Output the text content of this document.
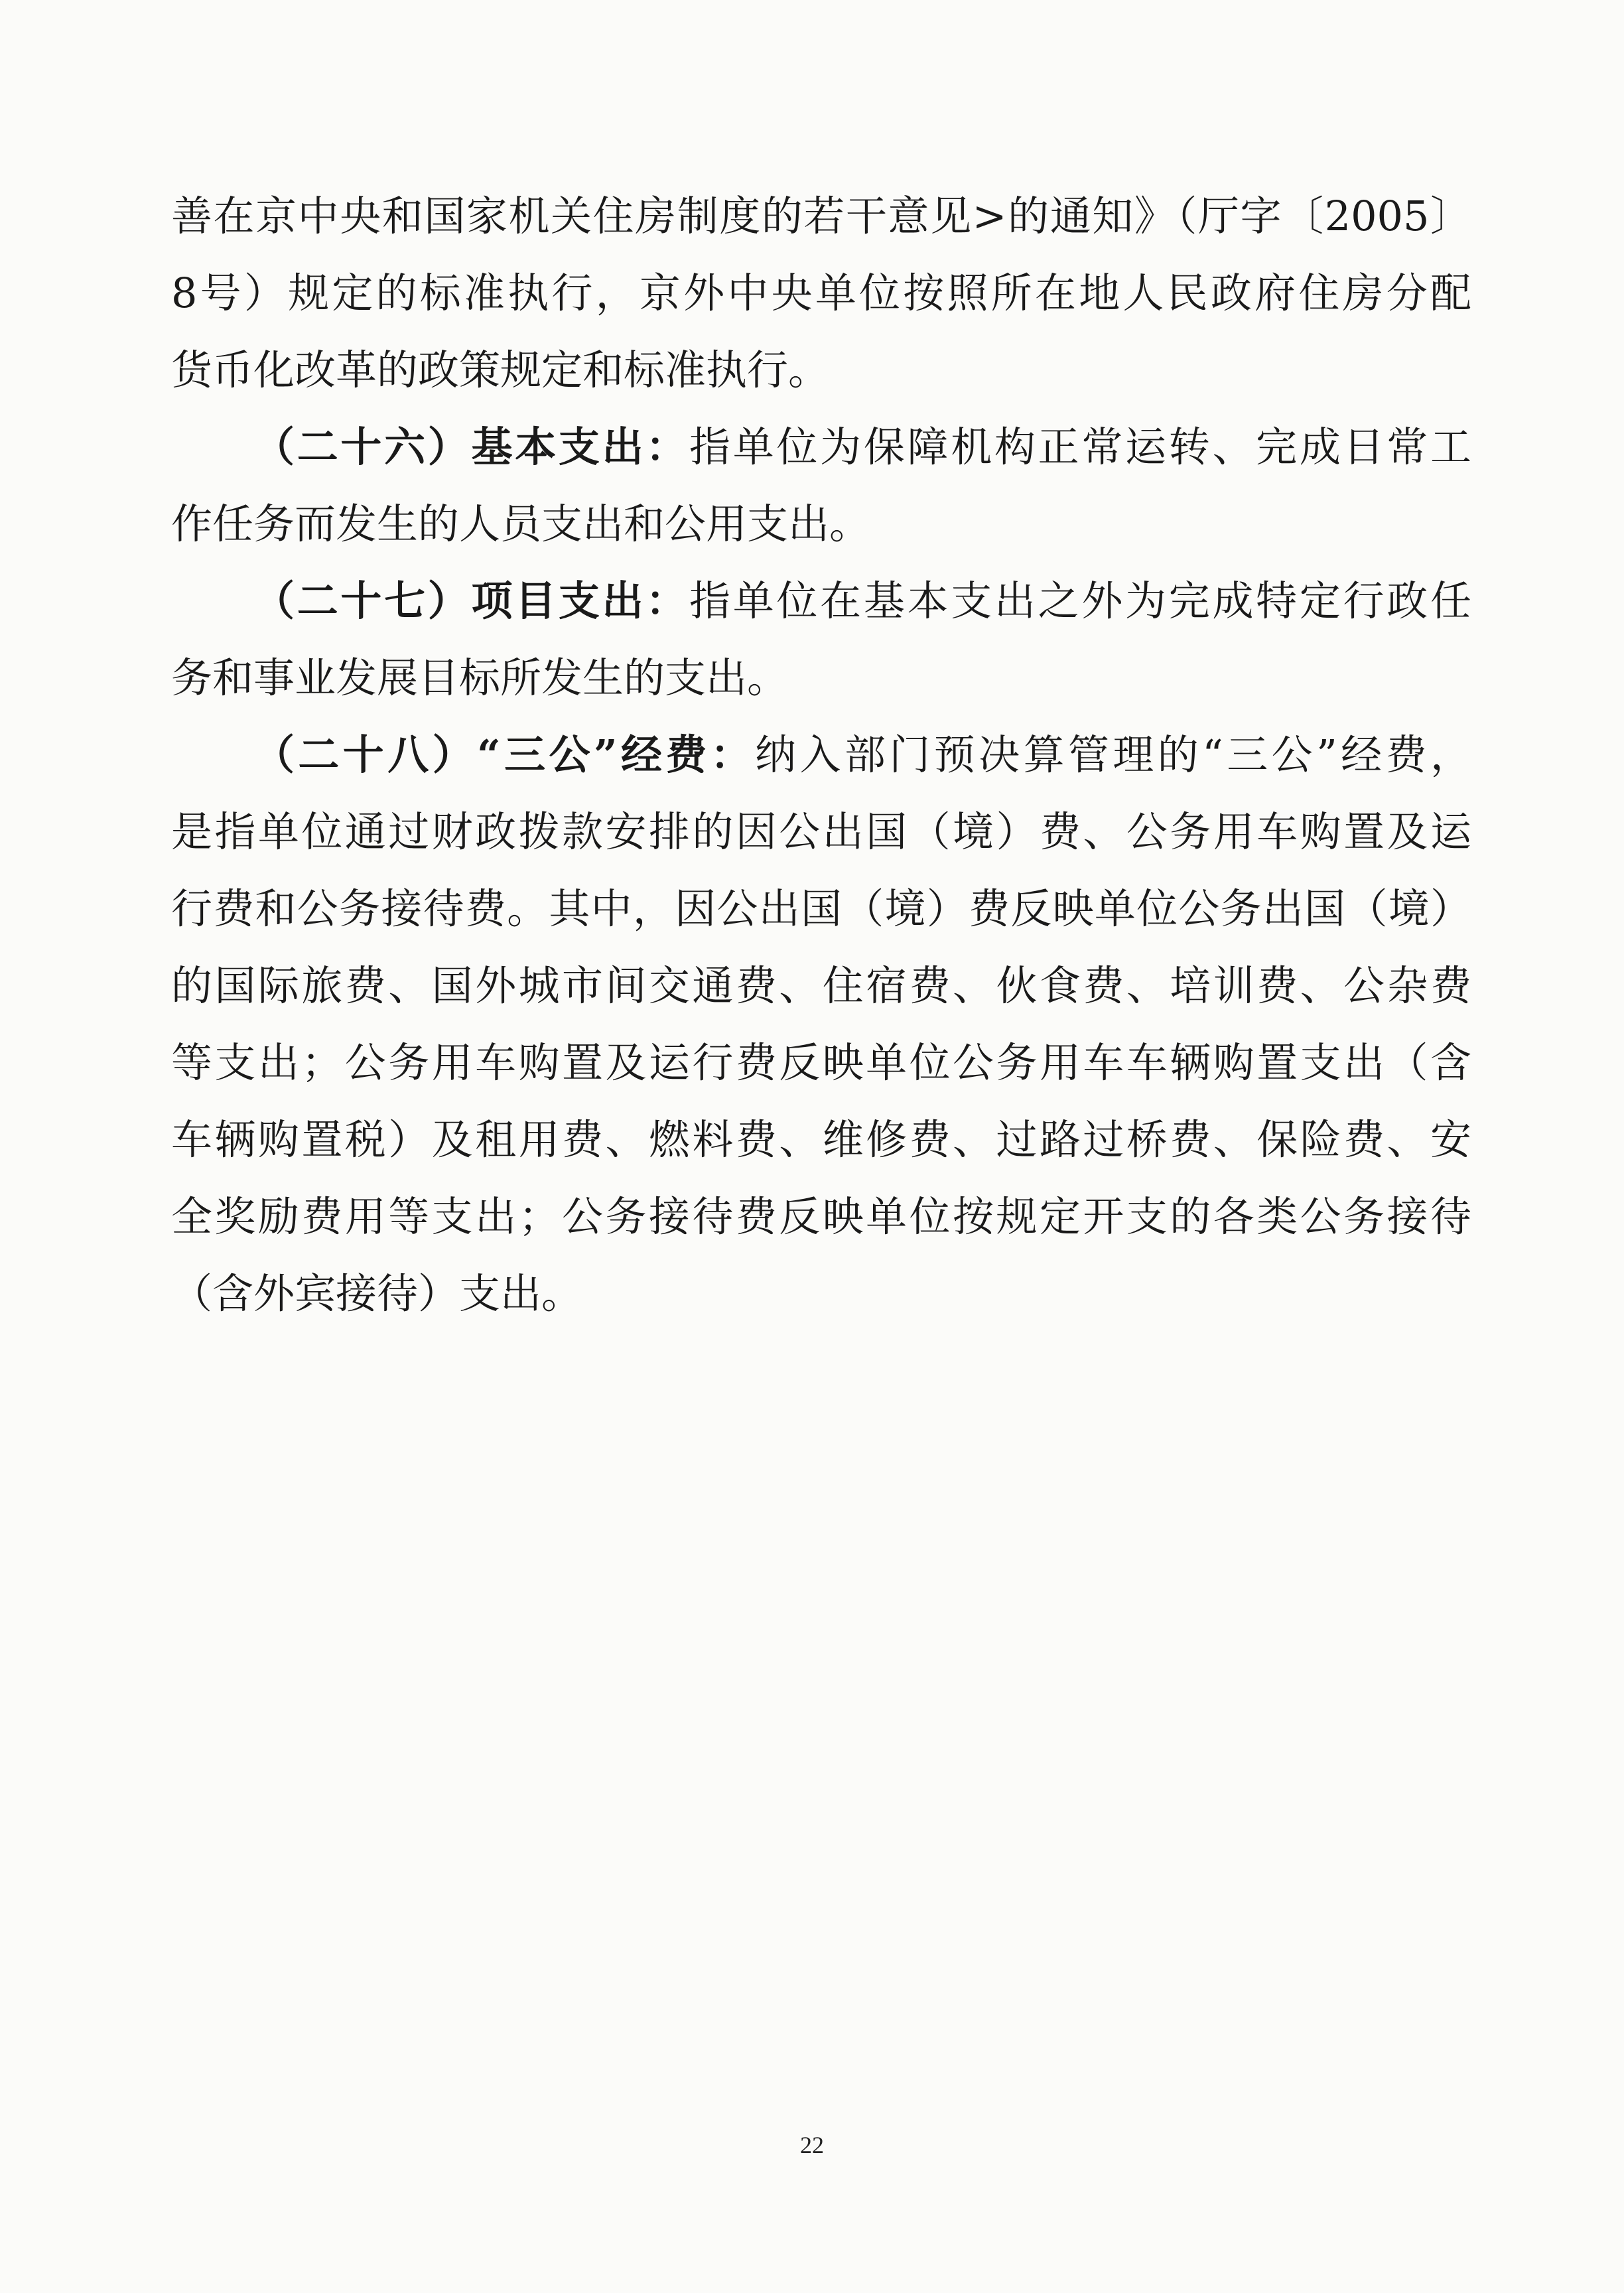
善在京中央和国家机关住房制度的若干意见>的通知》（厅字〔2005〕
8号）规定的标准执行，京外中央单位按照所在地人民政府住房分配
货币化改革的政策规定和标准执行。
（二十六）基本支出：指单位为保障机构正常运转、完成日常工
作任务而发生的人员支出和公用支出。
（二十七）项目支出：指单位在基本支出之外为完成特定行政任
务和事业发展目标所发生的支出。
（二十八）“三公”经费：纳入部门预决算管理的“三公”经费，
是指单位通过财政拨款安排的因公出国（境）费、公务用车购置及运
行费和公务接待费。其中，因公出国（境）费反映单位公务出国（境）
的国际旅费、国外城市间交通费、住宿费、伙食费、培训费、公杂费
等支出；公务用车购置及运行费反映单位公务用车车辆购置支出（含
车辆购置税）及租用费、燃料费、维修费、过路过桥费、保险费、安
全奖励费用等支出；公务接待费反映单位按规定开支的各类公务接待
（含外宾接待）支出。
22
